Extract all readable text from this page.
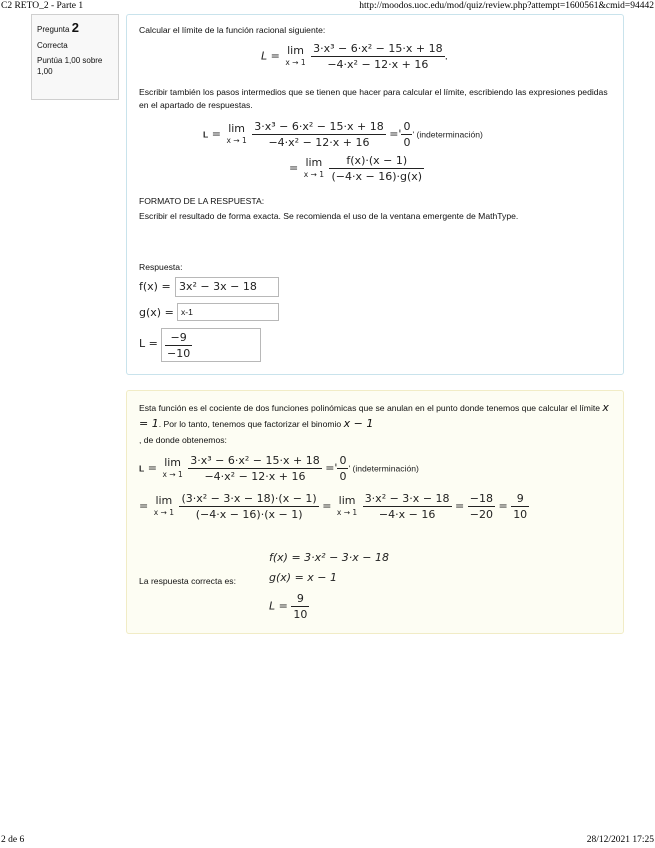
C2 RETO_2 - Parte 1	http://moodos.uoc.edu/mod/quiz/review.php?attempt=1600561&cmid=94442
2 de 6	28/12/2021 17:25
Pregunta 2
Correcta
Puntúa 1,00 sobre 1,00
Calcular el límite de la función racional siguiente:
L = lim
x → 1
$\frac{\text{3·x³ − 6·x² − 15·x + 18}}{\text{−4·x² − 12·x + 16}}$ .
Escribir también los pasos intermedios que se tienen que hacer para calcular el límite, escribiendo las expresiones pedidas en el apartado de respuestas.
L = lim
x → 1
$\frac{\text{3·x³ − 6·x² − 15·x + 18}}{\text{−4·x² − 12·x + 16}}$ =' $\frac{0}{0}$ ' (indeterminación)
= lim
x → 1
$\frac{f(x)\cdot(x - 1)}{(-4\cdot x - 16)\cdot g(x)}$
FORMATO DE LA RESPUESTA:
Escribir el resultado de forma exacta. Se recomienda el uso de la ventana emergente de MathType.
Respuesta:
f(x) = 3x² − 3x − 18
g(x) = x-1
$L = \frac{-9}{-10}$
Esta función es el cociente de dos funciones polinómicas que se anulan en el punto donde tenemos que calcular el límite x = 1. Por lo tanto, tenemos que factorizar el binomio x − 1
, de donde obtenemos:
L = lim
x → 1
$\frac{\text{3·x³ − 6·x² − 15·x + 18}}{\text{−4·x² − 12·x + 16}}$ =' $\frac{0}{0}$ ' (indeterminación)
= lim
x → 1
$\frac{\text{(3·x² − 3·x − 18)·(x − 1)}}{(-4\cdot x - 16)\cdot(x - 1)} = \lim$
x → 1
$\frac{\text{3·x² − 3·x − 18}}{-4\cdot x - 16} = \frac{-18}{-20} = \frac{9}{10}$
f(x) = 3·x² − 3·x − 18
La respuesta correcta es:	g(x) = x − 1
$L = \frac{9}{10}$
